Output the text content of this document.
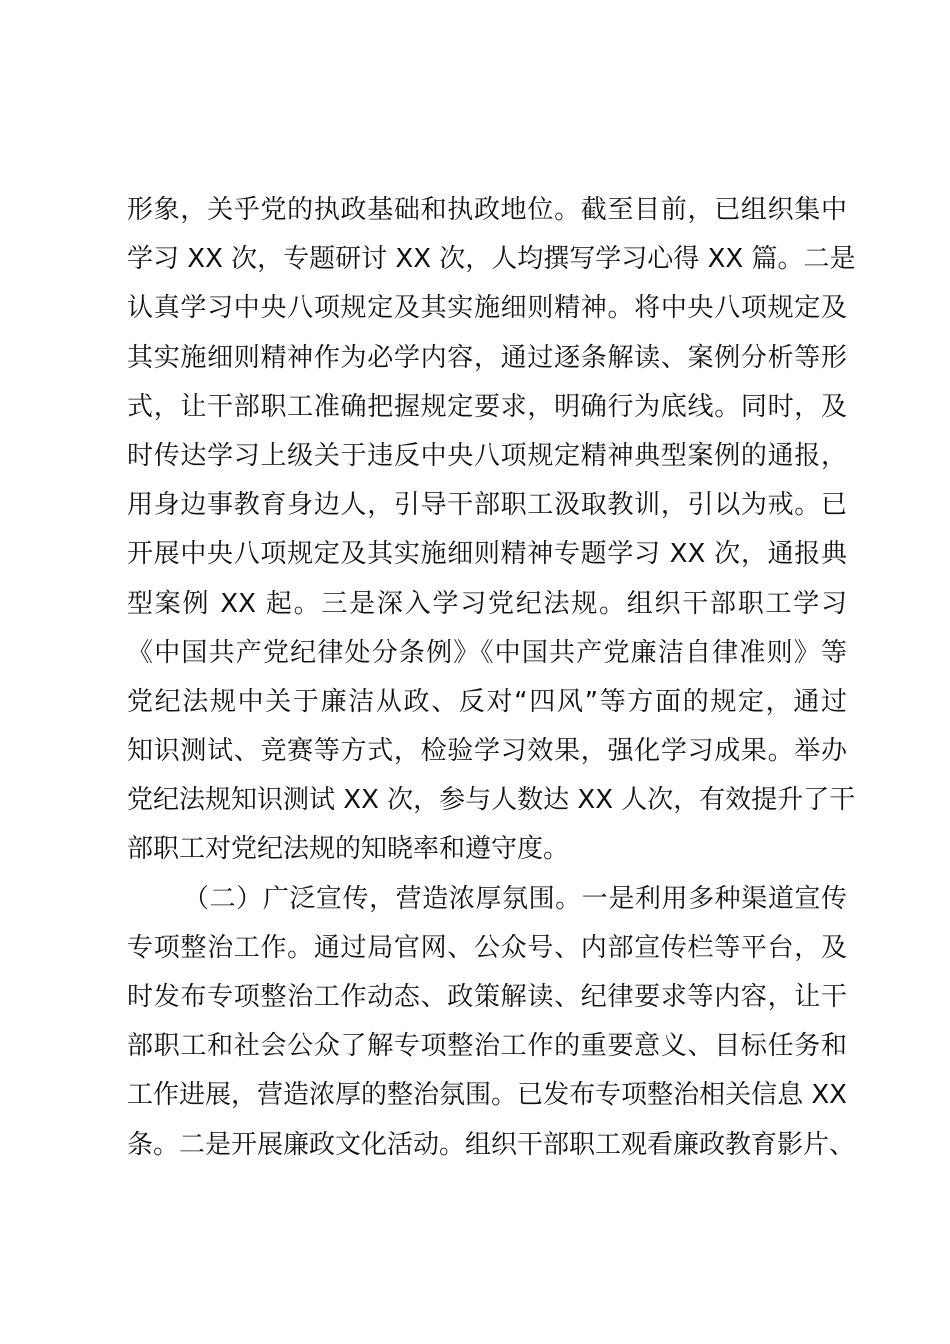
形象，关乎党的执政基础和执政地位。截至目前，已组织集中
学习 XX 次，专题研讨 XX 次，人均撰写学习心得 XX 篇。二是
认真学习中央八项规定及其实施细则精神。将中央八项规定及
其实施细则精神作为必学内容，通过逐条解读、案例分析等形
式，让干部职工准确把握规定要求，明确行为底线。同时，及
时传达学习上级关于违反中央八项规定精神典型案例的通报，
用身边事教育身边人，引导干部职工汲取教训，引以为戒。已
开展中央八项规定及其实施细则精神专题学习 XX 次，通报典
型案例 XX 起。三是深入学习党纪法规。组织干部职工学习
《中国共产党纪律处分条例》《中国共产党廉洁自律准则》等
党纪法规中关于廉洁从政、反对“四风”等方面的规定，通过
知识测试、竞赛等方式，检验学习效果，强化学习成果。举办
党纪法规知识测试 XX 次，参与人数达 XX 人次，有效提升了干
部职工对党纪法规的知晓率和遵守度。
（二）广泛宣传，营造浓厚氛围。一是利用多种渠道宣传
专项整治工作。通过局官网、公众号、内部宣传栏等平台，及
时发布专项整治工作动态、政策解读、纪律要求等内容，让干
部职工和社会公众了解专项整治工作的重要意义、目标任务和
工作进展，营造浓厚的整治氛围。已发布专项整治相关信息 XX
条。二是开展廉政文化活动。组织干部职工观看廉政教育影片、
